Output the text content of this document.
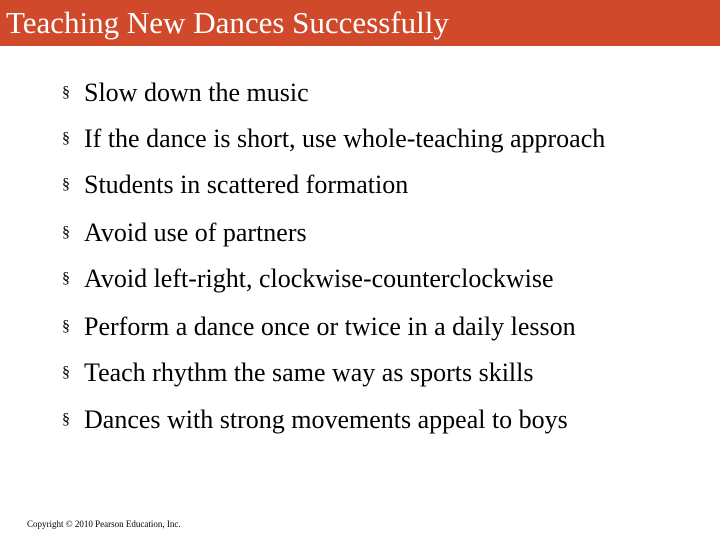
Teaching New Dances Successfully
§ Slow down the music
§ If the dance is short, use whole-teaching approach
§ Students in scattered formation
§ Avoid use of partners
§ Avoid left-right, clockwise-counterclockwise
§ Perform a dance once or twice in a daily lesson
§ Teach rhythm the same way as sports skills
§ Dances with strong movements appeal to boys
Copyright © 2010 Pearson Education, Inc.
